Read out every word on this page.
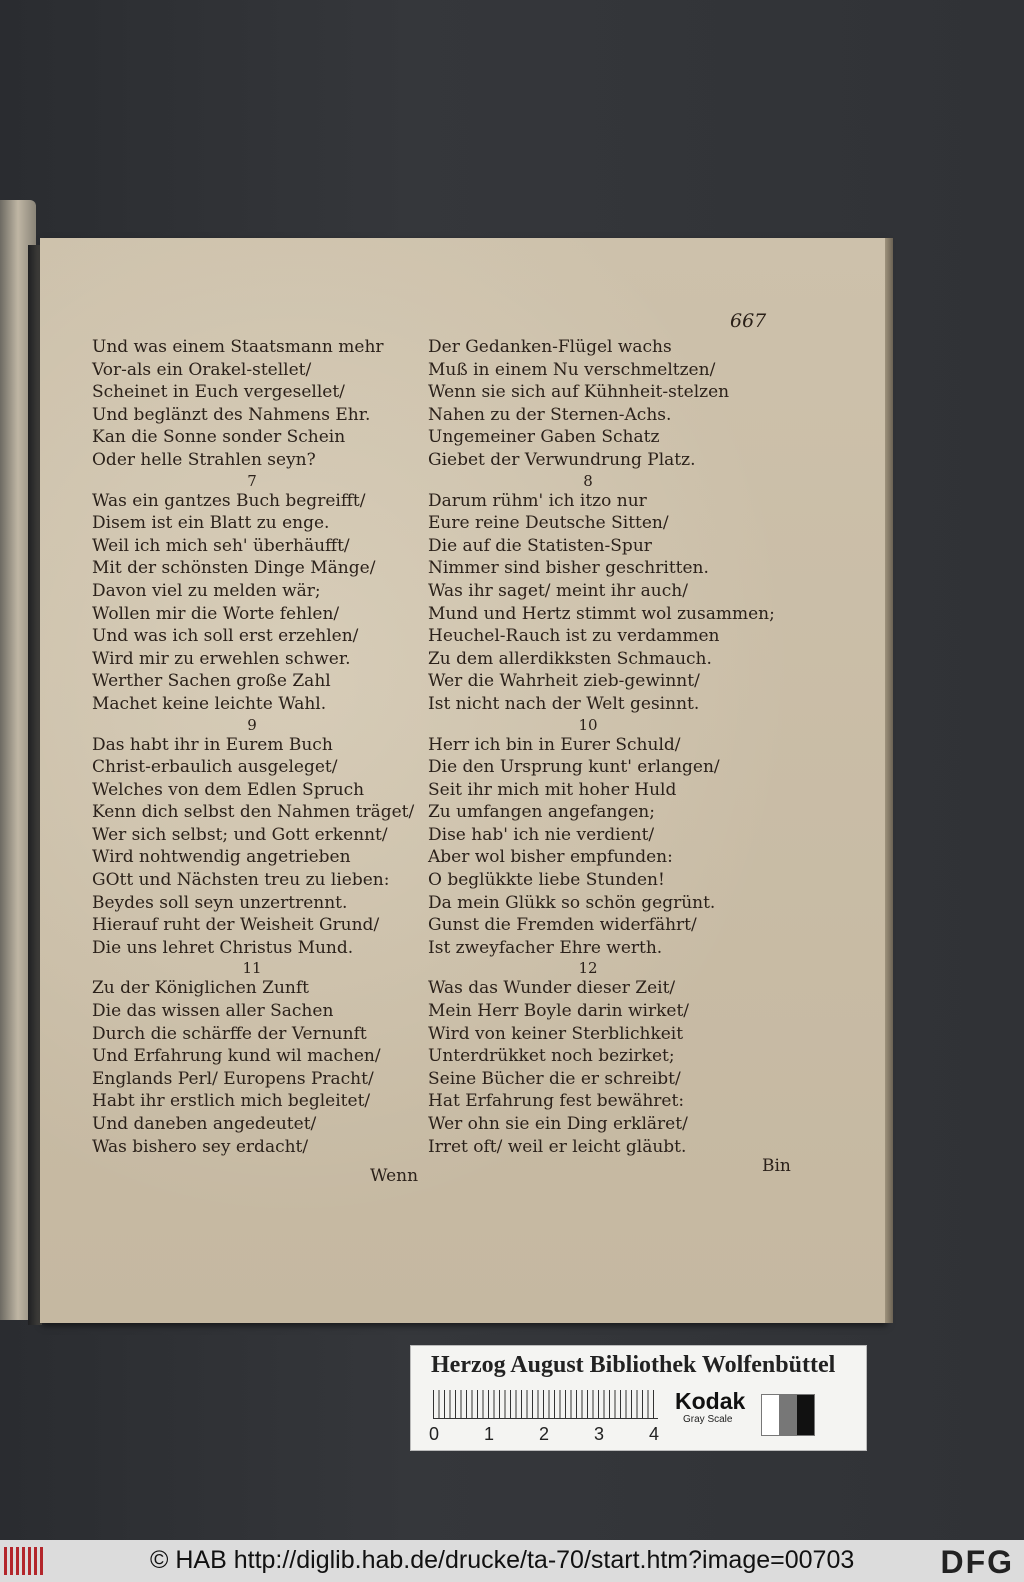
667
Und was einem Staatsmann mehr
Vor-als ein Orakel-stellet/
Scheinet in Euch vergesellet/
Und beglänzt des Nahmens Ehr.
Kan die Sonne sonder Schein
Oder helle Strahlen seyn?
7
Was ein gantzes Buch begreifft/
Disem ist ein Blatt zu enge.
Weil ich mich seh' überhäufft/
Mit der schönsten Dinge Mänge/
Davon viel zu melden wär;
Wollen mir die Worte fehlen/
Und was ich soll erst erzehlen/
Wird mir zu erwehlen schwer.
Werther Sachen große Zahl
Machet keine leichte Wahl.
9
Das habt ihr in Eurem Buch
Christ-erbaulich ausgeleget/
Welches von dem Edlen Spruch
Kenn dich selbst den Nahmen träget/
Wer sich selbst; und Gott erkennt/
Wird nohtwendig angetrieben
GOtt und Nächsten treu zu lieben:
Beydes soll seyn unzertrennt.
Hierauf ruht der Weisheit Grund/
Die uns lehret Christus Mund.
11
Zu der Königlichen Zunft
Die das wissen aller Sachen
Durch die schärffe der Vernunft
Und Erfahrung kund wil machen/
Englands Perl/ Europens Pracht/
Habt ihr erstlich mich begleitet/
Und daneben angedeutet/
Was bishero sey erdacht/
Der Gedanken-Flügel wachs
Muß in einem Nu verschmeltzen/
Wenn sie sich auf Kühnheit-stelzen
Nahen zu der Sternen-Achs.
Ungemeiner Gaben Schatz
Giebet der Verwundrung Platz.
8
Darum rühm' ich itzo nur
Eure reine Deutsche Sitten/
Die auf die Statisten-Spur
Nimmer sind bisher geschritten.
Was ihr saget/ meint ihr auch/
Mund und Hertz stimmt wol zusammen;
Heuchel-Rauch ist zu verdammen
Zu dem allerdikksten Schmauch.
Wer die Wahrheit zieb-gewinnt/
Ist nicht nach der Welt gesinnt.
10
Herr ich bin in Eurer Schuld/
Die den Ursprung kunt' erlangen/
Seit ihr mich mit hoher Huld
Zu umfangen angefangen;
Dise hab' ich nie verdient/
Aber wol bisher empfunden:
O beglükkte liebe Stunden!
Da mein Glükk so schön gegrünt.
Gunst die Fremden widerfährt/
Ist zweyfacher Ehre werth.
12
Was das Wunder dieser Zeit/
Mein Herr Boyle darin wirket/
Wird von keiner Sterblichkeit
Unterdrükket noch bezirket;
Seine Bücher die er schreibt/
Hat Erfahrung fest bewähret:
Wer ohn sie ein Ding erkläret/
Irret oft/ weil er leicht gläubt.
Wenn	Bin
Herzog August Bibliothek Wolfenbüttel
0 1 2 3 4
Kodak
Gray Scale
© HAB http://diglib.hab.de/drucke/ta-70/start.htm?image=00703	DFG
